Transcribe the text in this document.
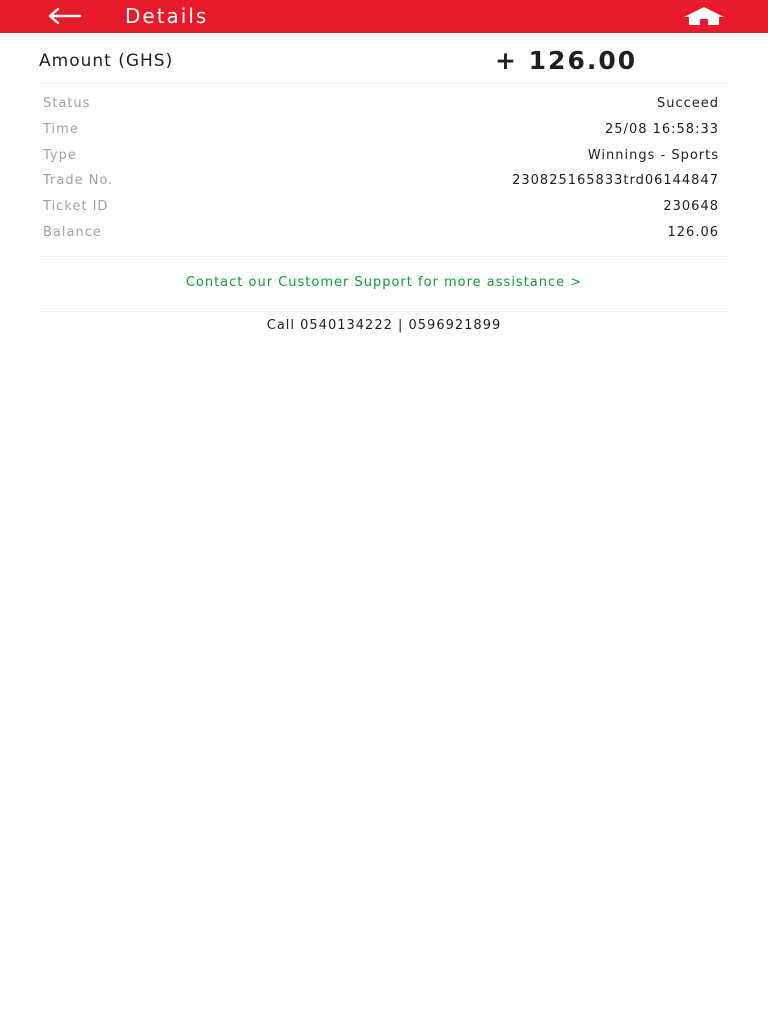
Details
Amount (GHS)	+ 126.00
Status	Succeed
Time	25/08 16:58:33
Type	Winnings - Sports
Trade No.	230825165833trd06144847
Ticket ID	230648
Balance	126.06
Contact our Customer Support for more assistance >
Call 0540134222 | 0596921899
